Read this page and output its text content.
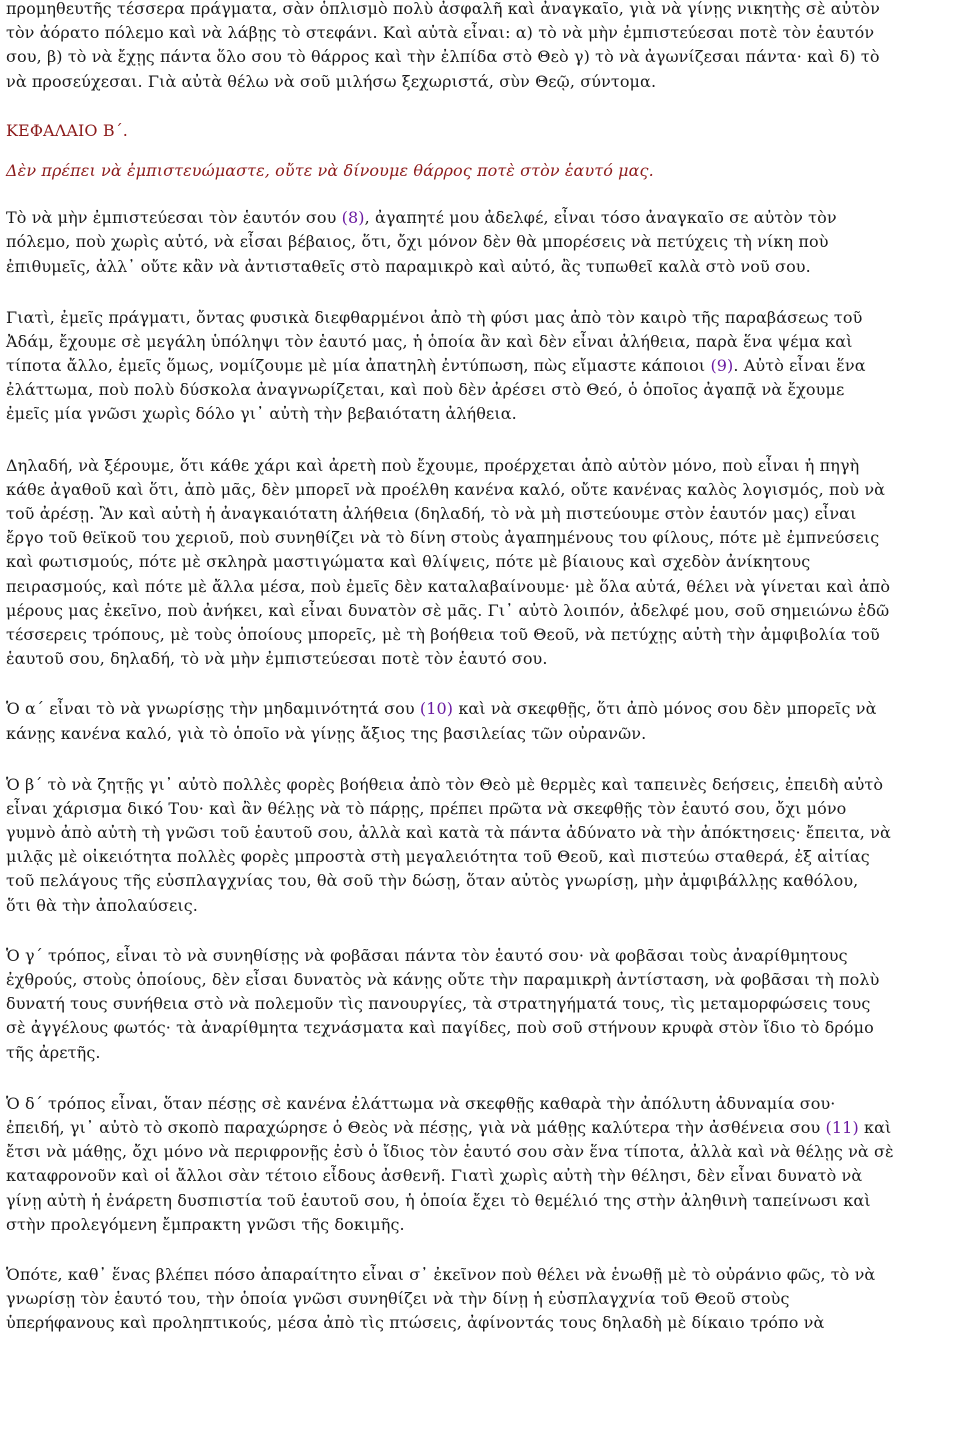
προμηθευτῆς τέσσερα πράγματα, σὰν ὁπλισμὸ πολὺ ἀσφαλῆ καὶ ἀναγκαῖο, γιὰ νὰ γίνῃς νικητὴς σὲ αὐτὸν
τὸν ἀόρατο πόλεμο καὶ νὰ λάβῃς τὸ στεφάνι. Καὶ αὐτὰ εἶναι: α) τὸ νὰ μὴν ἐμπιστεύεσαι ποτὲ τὸν ἑαυτόν
σου, β) τὸ νὰ ἔχῃς πάντα ὅλο σου τὸ θάρρος καὶ τὴν ἐλπίδα στὸ Θεὸ γ) τὸ νὰ ἀγωνίζεσαι πάντα· καὶ δ) τὸ
νὰ προσεύχεσαι. Γιὰ αὐτὰ θέλω νὰ σοῦ μιλήσω ξεχωριστά, σὺν Θεῷ, σύντομα.

ΚΕΦΑΛΑΙΟ Β΄.

Δὲν πρέπει νὰ ἐμπιστευώμαστε, οὔτε νὰ δίνουμε θάρρος ποτὲ στὸν ἑαυτό μας.

Τὸ νὰ μὴν ἐμπιστεύεσαι τὸν ἑαυτόν σου (8), ἀγαπητέ μου ἀδελφέ, εἶναι τόσο ἀναγκαῖο σε αὐτὸν τὸν
πόλεμο, ποὺ χωρὶς αὐτό, νὰ εἶσαι βέβαιος, ὅτι, ὄχι μόνον δὲν θὰ μπορέσεις νὰ πετύχεις τὴ νίκη ποὺ
ἐπιθυμεῖς, ἀλλ᾽ οὔτε κἂν νὰ ἀντισταθεῖς στὸ παραμικρὸ καὶ αὐτό, ἂς τυπωθεῖ καλὰ στὸ νοῦ σου.

Γιατὶ, ἐμεῖς πράγματι, ὄντας φυσικὰ διεφθαρμένοι ἀπὸ τὴ φύσι μας ἀπὸ τὸν καιρὸ τῆς παραβάσεως τοῦ
Ἀδάμ, ἔχουμε σὲ μεγάλη ὑπόληψι τὸν ἑαυτό μας, ἡ ὁποία ἂν καὶ δὲν εἶναι ἀλήθεια, παρὰ ἕνα ψέμα καὶ
τίποτα ἄλλο, ἐμεῖς ὅμως, νομίζουμε μὲ μία ἀπατηλὴ ἐντύπωση, πὼς εἴμαστε κάποιοι (9). Αὐτὸ εἶναι ἕνα
ἐλάττωμα, ποὺ πολὺ δύσκολα ἀναγνωρίζεται, καὶ ποὺ δὲν ἀρέσει στὸ Θεό, ὁ ὁποῖος ἀγαπᾷ νὰ ἔχουμε
ἐμεῖς μία γνῶσι χωρὶς δόλο γι᾽ αὐτὴ τὴν βεβαιότατη ἀλήθεια.

Δηλαδή, νὰ ξέρουμε, ὅτι κάθε χάρι καὶ ἀρετὴ ποὺ ἔχουμε, προέρχεται ἀπὸ αὐτὸν μόνο, ποὺ εἶναι ἡ πηγὴ
κάθε ἀγαθοῦ καὶ ὅτι, ἀπὸ μᾶς, δὲν μπορεῖ νὰ προέλθη κανένα καλό, οὔτε κανένας καλὸς λογισμός, ποὺ νὰ
τοῦ ἀρέσῃ. Ἂν καὶ αὐτὴ ἡ ἀναγκαιότατη ἀλήθεια (δηλαδή, τὸ νὰ μὴ πιστεύουμε στὸν ἑαυτόν μας) εἶναι
ἔργο τοῦ θεϊκοῦ του χεριοῦ, ποὺ συνηθίζει νὰ τὸ δίνη στοὺς ἀγαπημένους του φίλους, πότε μὲ ἐμπνεύσεις
καὶ φωτισμούς, πότε μὲ σκληρὰ μαστιγώματα καὶ θλίψεις, πότε μὲ βίαιους καὶ σχεδὸν ἀνίκητους
πειρασμούς, καὶ πότε μὲ ἄλλα μέσα, ποὺ ἐμεῖς δὲν καταλαβαίνουμε· μὲ ὅλα αὐτά, θέλει νὰ γίνεται καὶ ἀπὸ
μέρους μας ἐκεῖνο, ποὺ ἀνήκει, καὶ εἶναι δυνατὸν σὲ μᾶς. Γι᾽ αὐτὸ λοιπόν, ἀδελφέ μου, σοῦ σημειώνω ἐδῶ
τέσσερεις τρόπους, μὲ τοὺς ὁποίους μπορεῖς, μὲ τὴ βοήθεια τοῦ Θεοῦ, νὰ πετύχῃς αὐτὴ τὴν ἀμφιβολία τοῦ
ἑαυτοῦ σου, δηλαδή, τὸ νὰ μὴν ἐμπιστεύεσαι ποτὲ τὸν ἑαυτό σου.

Ὁ α΄ εἶναι τὸ νὰ γνωρίσῃς τὴν μηδαμινότητά σου (10) καὶ νὰ σκεφθῇς, ὅτι ἀπὸ μόνος σου δὲν μπορεῖς νὰ
κάνῃς κανένα καλό, γιὰ τὸ ὁποῖο νὰ γίνῃς ἄξιος της βασιλείας τῶν οὐρανῶν.

Ὁ β΄ τὸ νὰ ζητῇς γι᾽ αὐτὸ πολλὲς φορὲς βοήθεια ἀπὸ τὸν Θεὸ μὲ θερμὲς καὶ ταπεινὲς δεήσεις, ἐπειδὴ αὐτὸ
εἶναι χάρισμα δικό Του· καὶ ἂν θέλῃς νὰ τὸ πάρῃς, πρέπει πρῶτα νὰ σκεφθῇς τὸν ἑαυτό σου, ὄχι μόνο
γυμνὸ ἀπὸ αὐτὴ τὴ γνῶσι τοῦ ἑαυτοῦ σου, ἀλλὰ καὶ κατὰ τὰ πάντα ἀδύνατο νὰ τὴν ἀπόκτησεις· ἔπειτα, νὰ
μιλᾷς μὲ οἰκειότητα πολλὲς φορὲς μπροστὰ στὴ μεγαλειότητα τοῦ Θεοῦ, καὶ πιστεύω σταθερά, ἐξ αἰτίας
τοῦ πελάγους τῆς εὐσπλαγχνίας του, θὰ σοῦ τὴν δώσῃ, ὅταν αὐτὸς γνωρίσῃ, μὴν ἀμφιβάλλῃς καθόλου,
ὅτι θὰ τὴν ἀπολαύσεις.

Ὁ γ΄ τρόπος, εἶναι τὸ νὰ συνηθίσῃς νὰ φοβᾶσαι πάντα τὸν ἑαυτό σου· νὰ φοβᾶσαι τοὺς ἀναρίθμητους
ἐχθρούς, στοὺς ὁποίους, δὲν εἶσαι δυνατὸς νὰ κάνῃς οὔτε τὴν παραμικρὴ ἀντίσταση, νὰ φοβᾶσαι τὴ πολὺ
δυνατή τους συνήθεια στὸ νὰ πολεμοῦν τὶς πανουργίες, τὰ στρατηγήματά τους, τὶς μεταμορφώσεις τους
σὲ ἀγγέλους φωτός· τὰ ἀναρίθμητα τεχνάσματα καὶ παγίδες, ποὺ σοῦ στήνουν κρυφὰ στὸν ἴδιο τὸ δρόμο
τῆς ἀρετῆς.

Ὁ δ΄ τρόπος εἶναι, ὅταν πέσῃς σὲ κανένα ἐλάττωμα νὰ σκεφθῇς καθαρὰ τὴν ἀπόλυτη ἀδυναμία σου·
ἐπειδή, γι᾽ αὐτὸ τὸ σκοπὸ παραχώρησε ὁ Θεὸς νὰ πέσῃς, γιὰ νὰ μάθῃς καλύτερα τὴν ἀσθένεια σου (11) καὶ
ἔτσι νὰ μάθῃς, ὄχι μόνο νὰ περιφρονῇς ἐσὺ ὁ ἴδιος τὸν ἑαυτό σου σὰν ἕνα τίποτα, ἀλλὰ καὶ νὰ θέλῃς νὰ σὲ
καταφρονοῦν καὶ οἱ ἄλλοι σὰν τέτοιο εἶδους ἀσθενῆ. Γιατὶ χωρὶς αὐτὴ τὴν θέλησι, δὲν εἶναι δυνατὸ νὰ
γίνῃ αὐτὴ ἡ ἐνάρετη δυσπιστία τοῦ ἑαυτοῦ σου, ἡ ὁποία ἔχει τὸ θεμέλιό της στὴν ἀληθινὴ ταπείνωσι καὶ
στὴν προλεγόμενη ἔμπρακτη γνῶσι τῆς δοκιμῆς.

Ὁπότε, καθ᾽ ἕνας βλέπει πόσο ἀπαραίτητο εἶναι σ᾽ ἐκεῖνον ποὺ θέλει νὰ ἑνωθῇ μὲ τὸ οὐράνιο φῶς, τὸ νὰ
γνωρίσῃ τὸν ἑαυτό του, τὴν ὁποία γνῶσι συνηθίζει νὰ τὴν δίνῃ ἡ εὐσπλαγχνία τοῦ Θεοῦ στοὺς
ὑπερήφανους καὶ προληπτικούς, μέσα ἀπὸ τὶς πτώσεις, ἀφίνοντάς τους δηλαδὴ μὲ δίκαιο τρόπο νὰ
